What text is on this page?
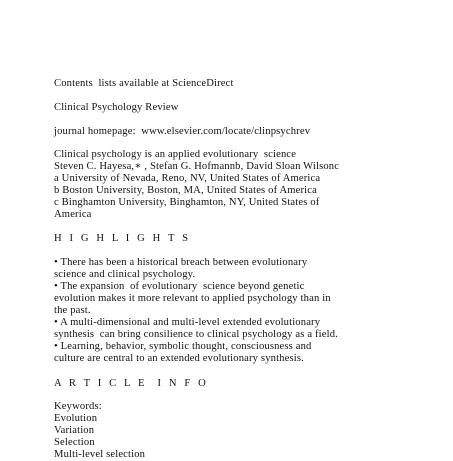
Contents  lists available at ScienceDirect

Clinical Psychology Review

journal homepage:  www.elsevier.com/locate/clinpsychrev

Clinical psychology is an applied evolutionary  science

Steven C. Hayesa,∗ , Stefan G. Hofmannb, David Sloan Wilsonc

a University of Nevada, Reno, NV, United States of America

b Boston University, Boston, MA, United States of America

c Binghamton University, Binghamton, NY, United States of

America

H I G H L I G H T S

• There has been a historical breach between evolutionary

science and clinical psychology.

• The expansion  of evolutionary  science beyond genetic

evolution makes it more relevant to applied psychology than in

the past.

• A multi-dimensional and multi-level extended evolutionary

synthesis  can bring consilience to clinical psychology as a field.

• Learning, behavior, symbolic thought, consciousness and

culture are central to an extended evolutionary synthesis.

A R T I C L E  I N F O

Keywords:

Evolution

Variation

Selection

Multi-level selection
